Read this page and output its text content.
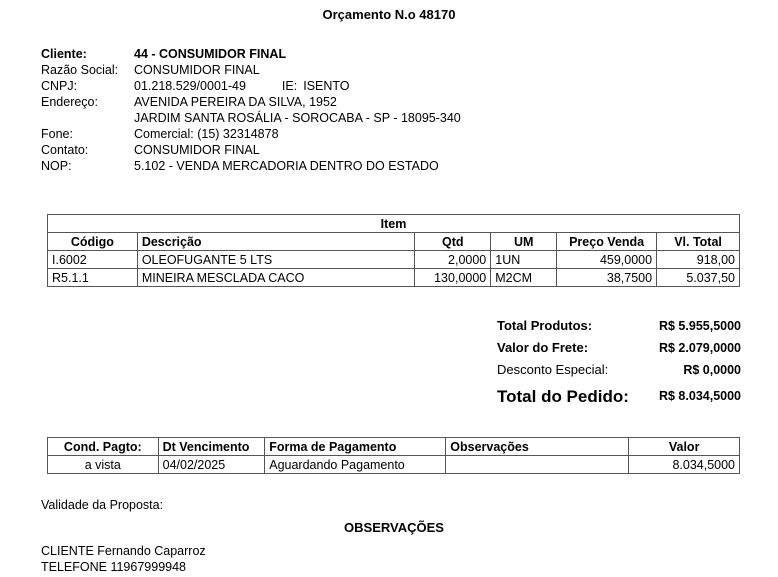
Orçamento N.o 48170
Cliente:	44 - CONSUMIDOR FINAL
Razão Social: CONSUMIDOR FINAL
CNPJ:	01.218.529/0001-49	IE: ISENTO
Endereço:	AVENIDA PEREIRA DA SILVA, 1952
JARDIM SANTA ROSÁLIA - SOROCABA - SP - 18095-340
Fone:	Comercial: (15) 32314878
Contato:	CONSUMIDOR FINAL
NOP:	5.102 - VENDA MERCADORIA DENTRO DO ESTADO
Item					
Código	Descrição	Qtd	UM	Preço Venda	Vl. Total
I.6002	OLEOFUGANTE 5 LTS	2,0000	1UN	459,0000	918,00
R5.1.1	MINEIRA MESCLADA CACO	130,0000	M2CM	38,7500	5.037,50
Total Produtos:	R$ 5.955,5000
Valor do Frete:	R$ 2.079,0000
Desconto Especial:	R$ 0,0000
Total do Pedido: R$ 8.034,5000
Cond. Pagto:	Dt Vencimento	Forma de Pagamento	Observações	Valor
a vista	04/02/2025	Aguardando Pagamento		8.034,5000
Validade da Proposta:
OBSERVAÇÕES
CLIENTE Fernando Caparroz
TELEFONE 11967999948
